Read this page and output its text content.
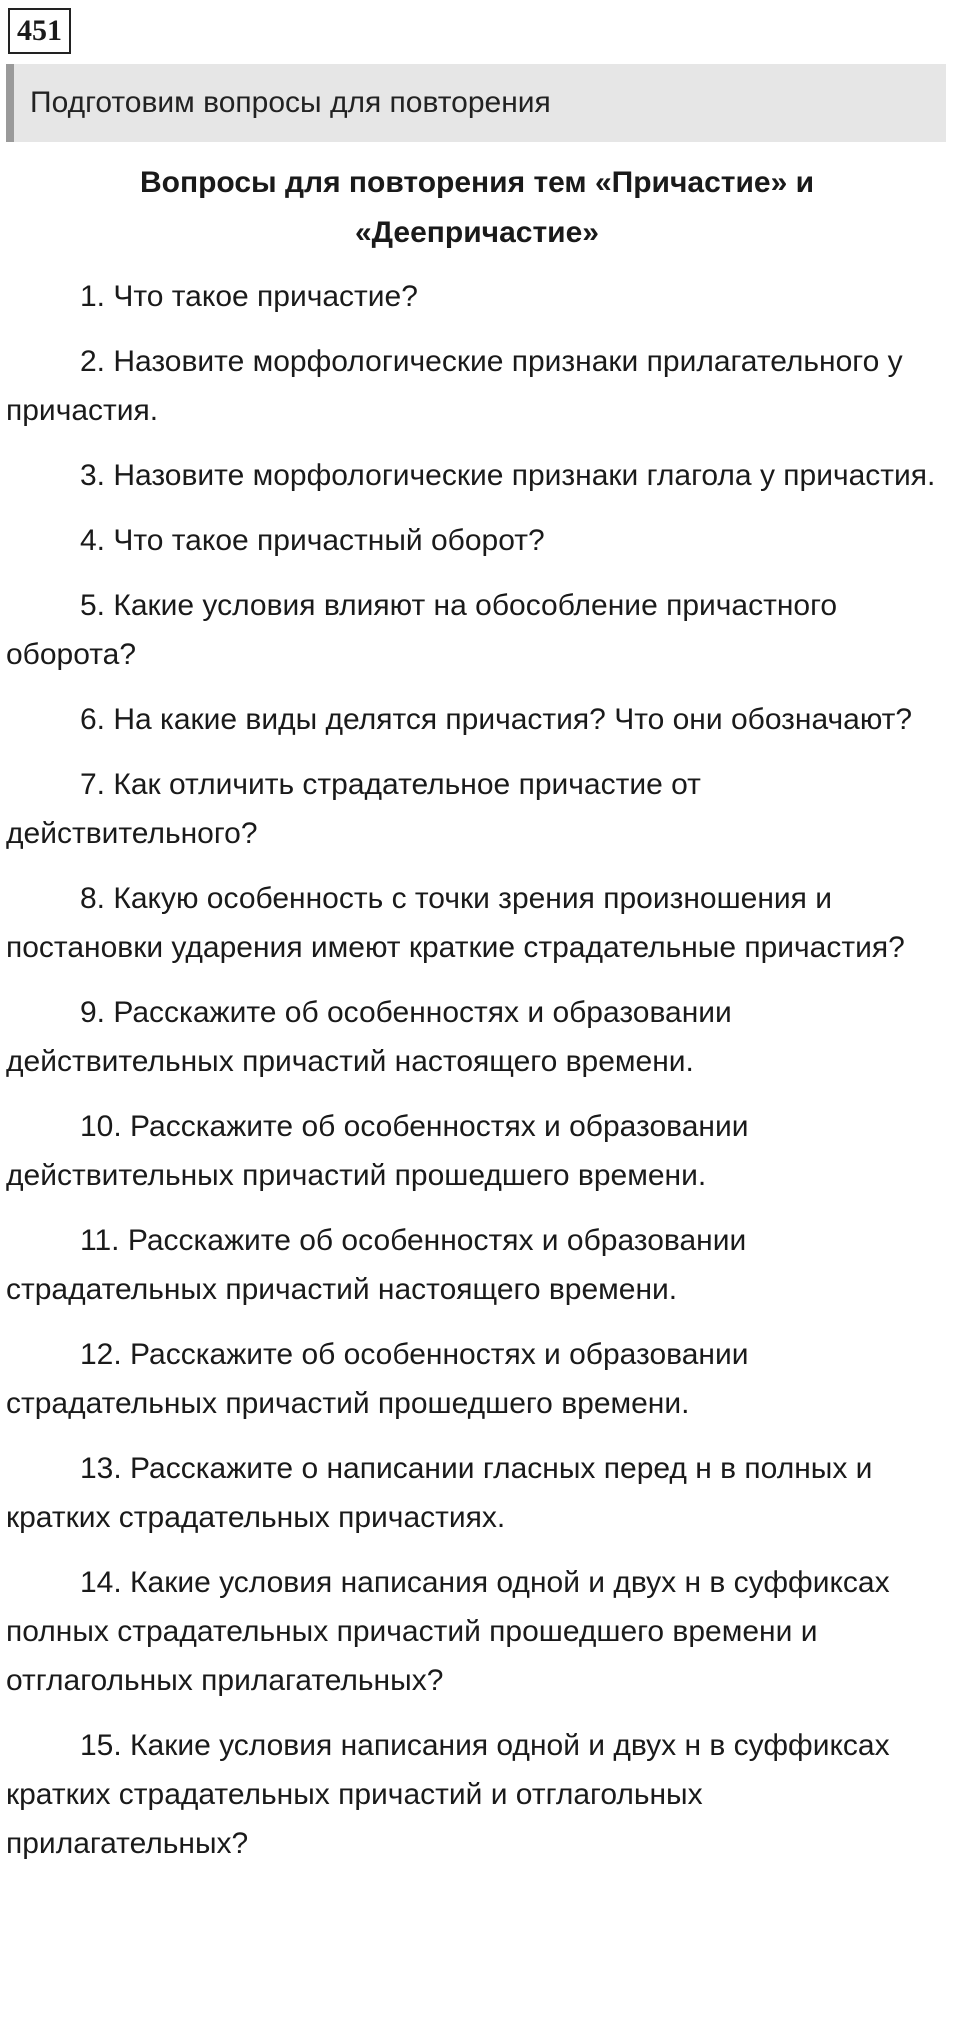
451
Подготовим вопросы для повторения
Вопросы для повторения тем «Причастие» и «Деепричастие»

1. Что такое причастие?

2. Назовите морфологические признаки прилагательного у причастия.

3. Назовите морфологические признаки глагола у причастия.

4. Что такое причастный оборот?

5. Какие условия влияют на обособление причастного оборота?

6. На какие виды делятся причастия? Что они обозначают?

7. Как отличить страдательное причастие от действительного?

8. Какую особенность с точки зрения произношения и постановки ударения имеют краткие страдательные причастия?

9. Расскажите об особенностях и образовании действительных причастий настоящего времени.

10. Расскажите об особенностях и образовании действительных причастий прошедшего времени.

11. Расскажите об особенностях и образовании страдательных причастий настоящего времени.

12. Расскажите об особенностях и образовании страдательных причастий прошедшего времени.

13. Расскажите о написании гласных перед н в полных и кратких страдательных причастиях.

14. Какие условия написания одной и двух н в суффиксах полных страдательных причастий прошедшего времени и отглагольных прилагательных?

15. Какие условия написания одной и двух н в суффиксах кратких страдательных причастий и отглагольных прилагательных?
